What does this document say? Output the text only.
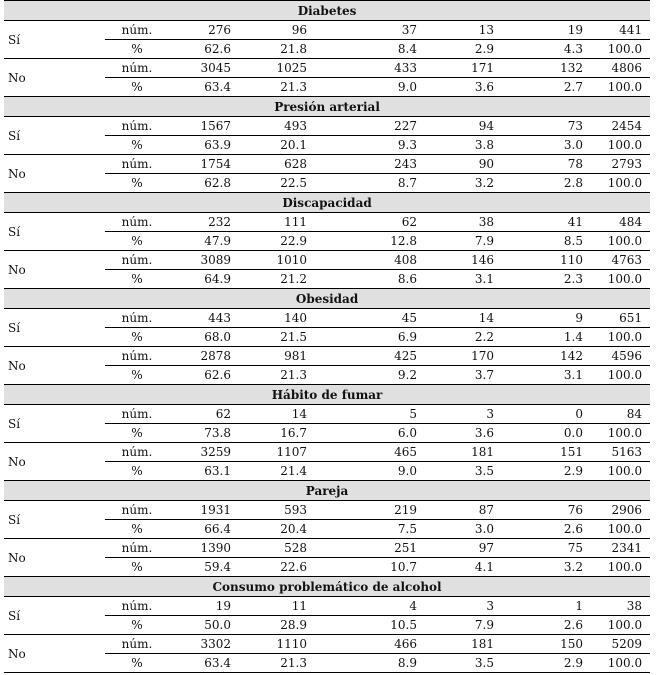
Diabetes							
Sí	núm.	276	96	37	13	19	441
	%	62.6	21.8	8.4	2.9	4.3	100.0
No	núm.	3045	1025	433	171	132	4806
	%	63.4	21.3	9.0	3.6	2.7	100.0
Presión arterial							
Sí	núm.	1567	493	227	94	73	2454
	%	63.9	20.1	9.3	3.8	3.0	100.0
No	núm.	1754	628	243	90	78	2793
	%	62.8	22.5	8.7	3.2	2.8	100.0
Discapacidad							
Sí	núm.	232	111	62	38	41	484
	%	47.9	22.9	12.8	7.9	8.5	100.0
No	núm.	3089	1010	408	146	110	4763
	%	64.9	21.2	8.6	3.1	2.3	100.0
Obesidad							
Sí	núm.	443	140	45	14	9	651
	%	68.0	21.5	6.9	2.2	1.4	100.0
No	núm.	2878	981	425	170	142	4596
	%	62.6	21.3	9.2	3.7	3.1	100.0
Hábito de fumar							
Sí	núm.	62	14	5	3	0	84
	%	73.8	16.7	6.0	3.6	0.0	100.0
No	núm.	3259	1107	465	181	151	5163
	%	63.1	21.4	9.0	3.5	2.9	100.0
Pareja							
Sí	núm.	1931	593	219	87	76	2906
	%	66.4	20.4	7.5	3.0	2.6	100.0
No	núm.	1390	528	251	97	75	2341
	%	59.4	22.6	10.7	4.1	3.2	100.0
Consumo problemático de alcohol							
Sí	núm.	19	11	4	3	1	38
	%	50.0	28.9	10.5	7.9	2.6	100.0
No	núm.	3302	1110	466	181	150	5209
	%	63.4	21.3	8.9	3.5	2.9	100.0
